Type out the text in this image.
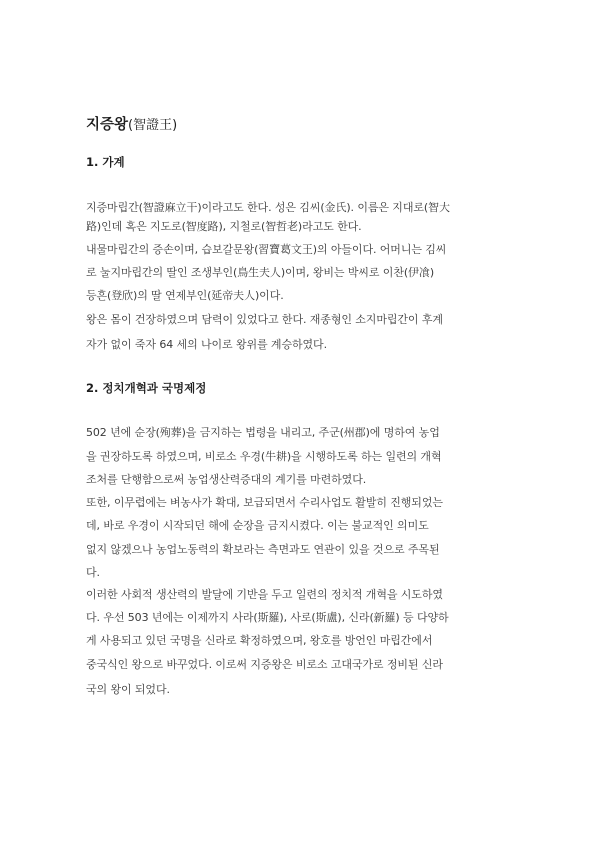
지증왕(智證王)
1. 가계

지증마립간(智證麻立干)이라고도 한다. 성은 김씨(金氏). 이름은 지대로(智大

路)인데 혹은 지도로(智度路), 지철로(智哲老)라고도 한다.

내물마립간의 증손이며, 습보갈문왕(習寶葛文王)의 아들이다. 어머니는 김씨

로 눌지마립간의 딸인 조생부인(鳥生夫人)이며, 왕비는 박씨로 이찬(伊飡)

등흔(登欣)의 딸 연제부인(延帝夫人)이다.

왕은 몸이 건장하였으며 담력이 있었다고 한다. 재종형인 소지마립간이 후계

자가 없이 죽자 64 세의 나이로 왕위를 계승하였다.

2. 정치개혁과 국명제정

502 년에 순장(殉葬)을 금지하는 법령을 내리고, 주군(州郡)에 명하여 농업

을 권장하도록 하였으며, 비로소 우경(牛耕)을 시행하도록 하는 일련의 개혁

조처를 단행함으로써 농업생산력증대의 계기를 마련하였다.

또한, 이무렵에는 벼농사가 확대, 보급되면서 수리사업도 활발히 진행되었는

데, 바로 우경이 시작되던 해에 순장을 금지시켰다. 이는 불교적인 의미도

없지 않겠으나 농업노동력의 확보라는 측면과도 연관이 있을 것으로 주목된

다.

이러한 사회적 생산력의 발달에 기반을 두고 일련의 정치적 개혁을 시도하였

다. 우선 503 년에는 이제까지 사라(斯羅), 사로(斯盧), 신라(新羅) 등 다양하

게 사용되고 있던 국명을 신라로 확정하였으며, 왕호를 방언인 마립간에서

중국식인 왕으로 바꾸었다. 이로써 지증왕은 비로소 고대국가로 정비된 신라

국의 왕이 되었다.
